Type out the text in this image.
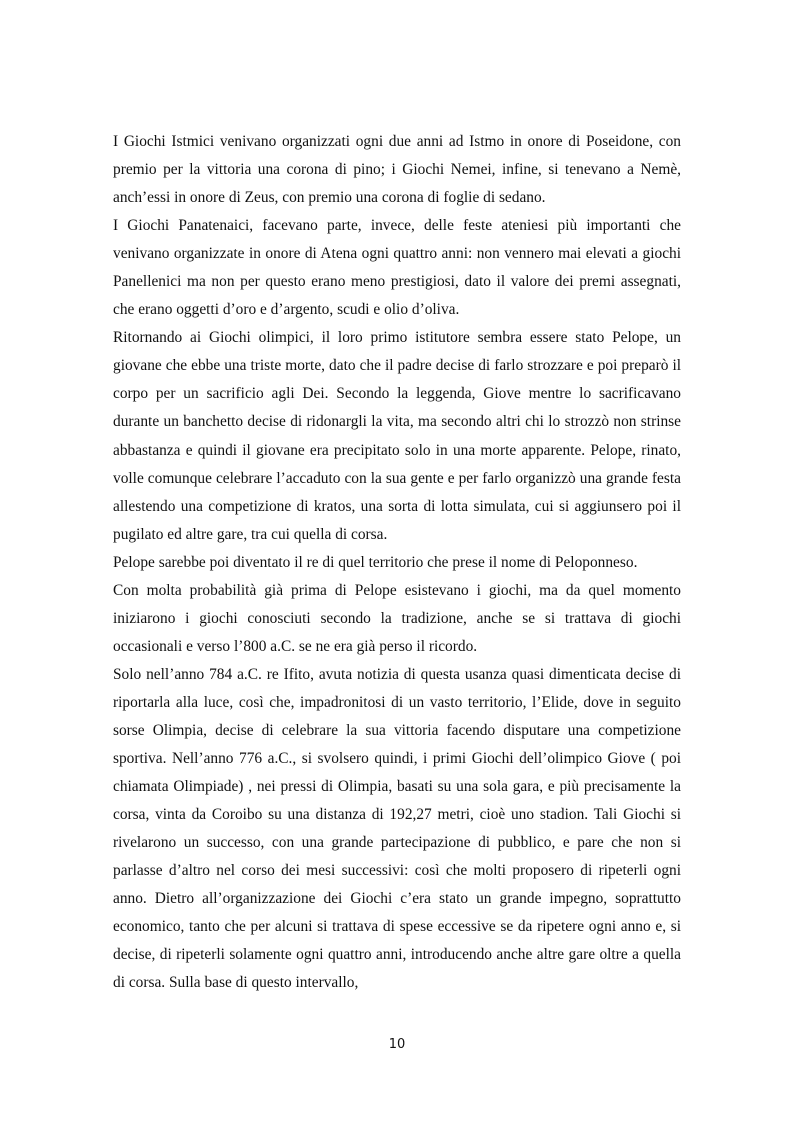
I Giochi Istmici venivano organizzati ogni due anni ad Istmo in onore di Poseidone, con premio per la vittoria una corona di pino; i Giochi Nemei, infine, si tenevano a Nemè, anch’essi in onore di Zeus, con premio una corona di foglie di sedano.

I Giochi Panatenaici, facevano parte, invece, delle feste ateniesi più importanti che venivano organizzate in onore di Atena ogni quattro anni: non vennero mai elevati a giochi Panellenici ma non per questo erano meno prestigiosi, dato il valore dei premi assegnati, che erano oggetti d’oro e d’argento, scudi e olio d’oliva.

Ritornando ai Giochi olimpici, il loro primo istitutore sembra essere stato Pelope, un giovane che ebbe una triste morte, dato che il padre decise di farlo strozzare e poi preparò il corpo per un sacrificio agli Dei. Secondo la leggenda, Giove mentre lo sacrificavano durante un banchetto decise di ridonargli la vita, ma secondo altri chi lo strozzò non strinse abbastanza e quindi il giovane era precipitato solo in una morte apparente. Pelope, rinato, volle comunque celebrare l’accaduto con la sua gente e per farlo organizzò una grande festa allestendo una competizione di kratos, una sorta di lotta simulata, cui si aggiunsero poi il pugilato ed altre gare, tra cui quella di corsa.

Pelope sarebbe poi diventato il re di quel territorio che prese il nome di Peloponneso.

Con molta probabilità già prima di Pelope esistevano i giochi, ma da quel momento iniziarono i giochi conosciuti secondo la tradizione, anche se si trattava di giochi occasionali e verso l’800 a.C. se ne era già perso il ricordo.

Solo nell’anno 784 a.C. re Ifito, avuta notizia di questa usanza quasi dimenticata decise di riportarla alla luce, così che, impadronitosi di un vasto territorio, l’Elide, dove in seguito sorse Olimpia, decise di celebrare la sua vittoria facendo disputare una competizione sportiva. Nell’anno 776 a.C., si svolsero quindi, i primi Giochi dell’olimpico Giove ( poi chiamata Olimpiade) , nei pressi di Olimpia, basati su una sola gara, e più precisamente la corsa, vinta da Coroibo su una distanza di 192,27 metri, cioè uno stadion. Tali Giochi si rivelarono un successo, con una grande partecipazione di pubblico, e pare che non si parlasse d’altro nel corso dei mesi successivi: così che molti proposero di ripeterli ogni anno. Dietro all’organizzazione dei Giochi c’era stato un grande impegno, soprattutto economico, tanto che per alcuni si trattava di spese eccessive se da ripetere ogni anno e, si decise, di ripeterli solamente ogni quattro anni, introducendo anche altre gare oltre a quella di corsa. Sulla base di questo intervallo,

10
